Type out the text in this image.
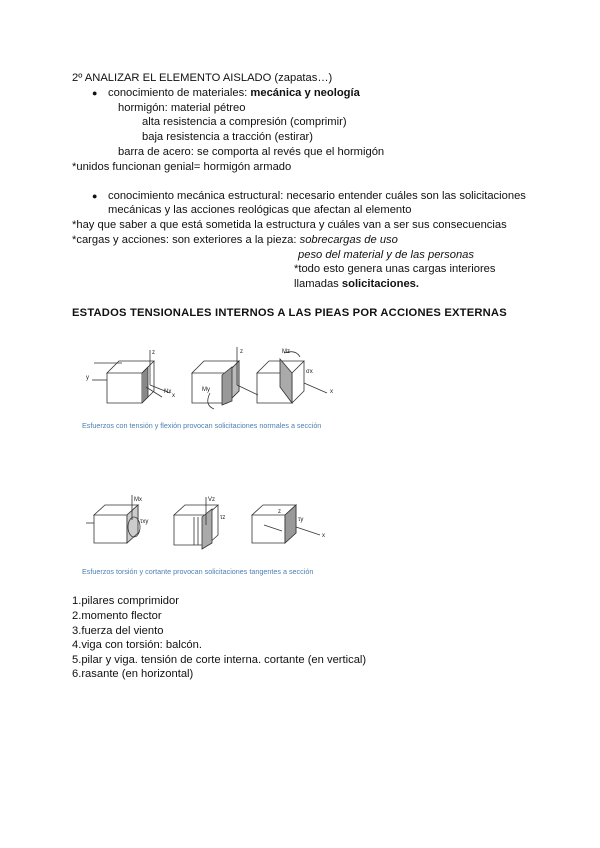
2º ANALIZAR EL ELEMENTO AISLADO (zapatas…)
● conocimiento de materiales: mecánica y neología
hormigón: material pétreo
alta resistencia a compresión (comprimir)
baja resistencia a tracción (estirar)
barra de acero: se comporta al revés que el hormigón
*unidos funcionan genial= hormigón armado
● conocimiento mecánica estructural: necesario entender cuáles son las solicitaciones
mecánicas y las acciones reológicas que afectan al elemento
*hay que saber a que está sometida la estructura y cuáles van a ser sus consecuencias
*cargas y acciones: son exteriores a la pieza: sobrecargas de uso
peso del material y de las personas
*todo esto genera unas cargas interiores
llamadas solicitaciones.
ESTADOS TENSIONALES INTERNOS A LAS PIEAS POR ACCIONES EXTERNAS
z
Nx
x
y
My
z	Mz
σx
x
Esfuerzos con tensión y flexión provocan solicitaciones normales a sección
Mx
τxy
Vz
τz	τy
x
z
Esfuerzos torsión y cortante provocan solicitaciones tangentes a sección
1.pilares comprimidor
2.momento flector
3.fuerza del viento
4.viga con torsión: balcón.
5.pilar y viga. tensión de corte interna. cortante (en vertical)
6.rasante (en horizontal)
